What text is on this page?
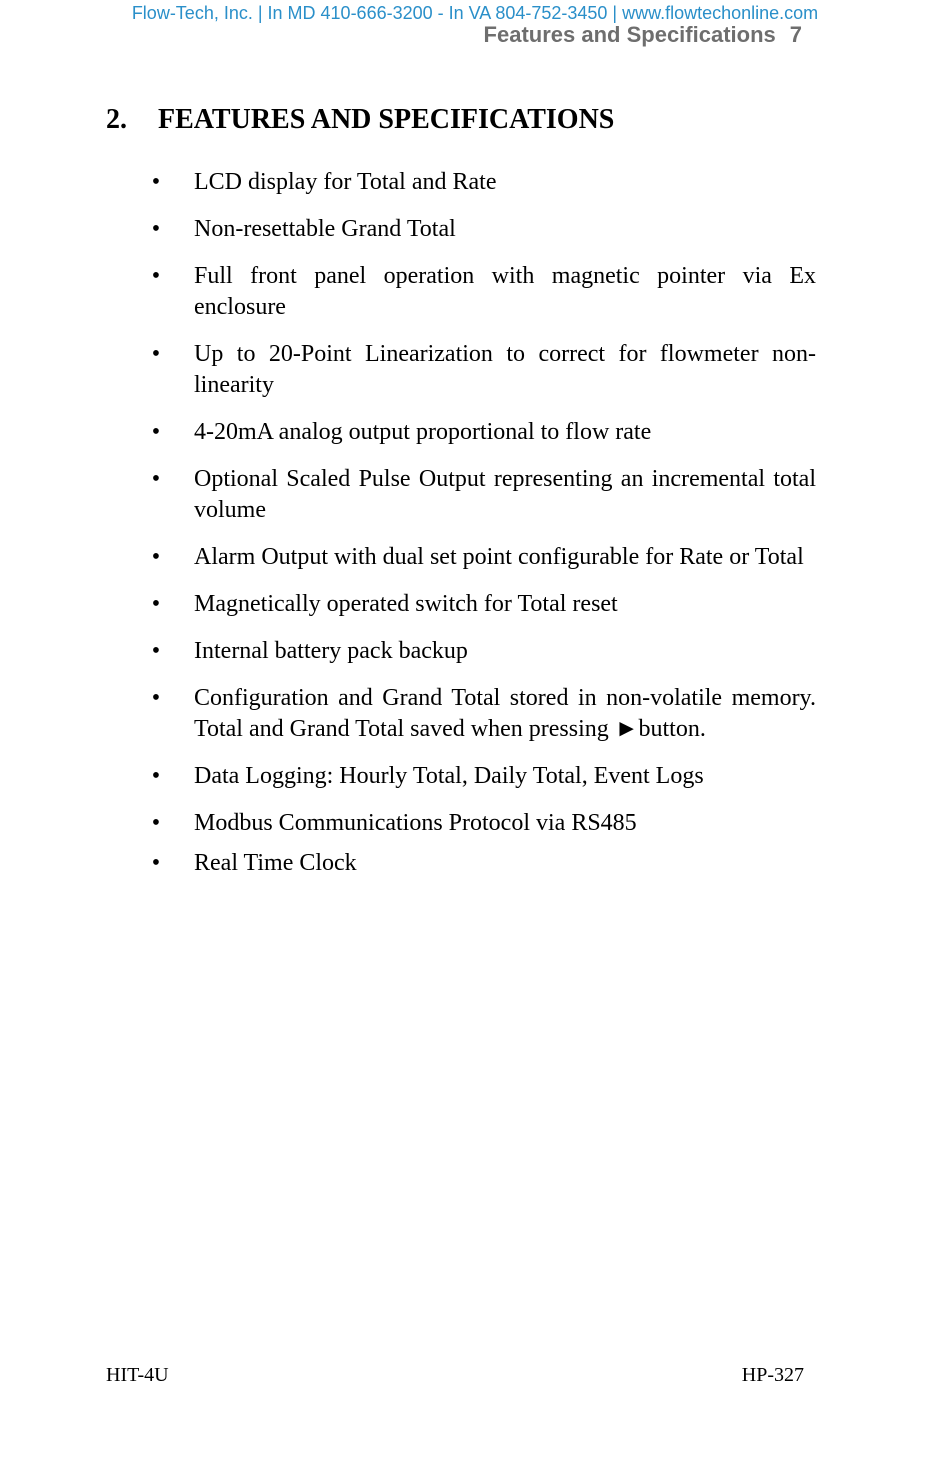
Flow-Tech, Inc. | In MD 410-666-3200 - In VA 804-752-3450 | www.flowtechonline.com
Features and Specifications 7
2. FEATURES AND SPECIFICATIONS
• LCD display for Total and Rate
• Non-resettable Grand Total
• Full front panel operation with magnetic pointer via Ex enclosure
• Up to 20-Point Linearization to correct for flowmeter non-linearity
• 4-20mA analog output proportional to flow rate
• Optional Scaled Pulse Output representing an incremental total volume
• Alarm Output with dual set point configurable for Rate or Total
• Magnetically operated switch for Total reset
• Internal battery pack backup
• Configuration and Grand Total stored in non-volatile memory. Total and Grand Total saved when pressing ►button.
• Data Logging: Hourly Total, Daily Total, Event Logs
• Modbus Communications Protocol via RS485
• Real Time Clock
HIT-4U	HP-327
